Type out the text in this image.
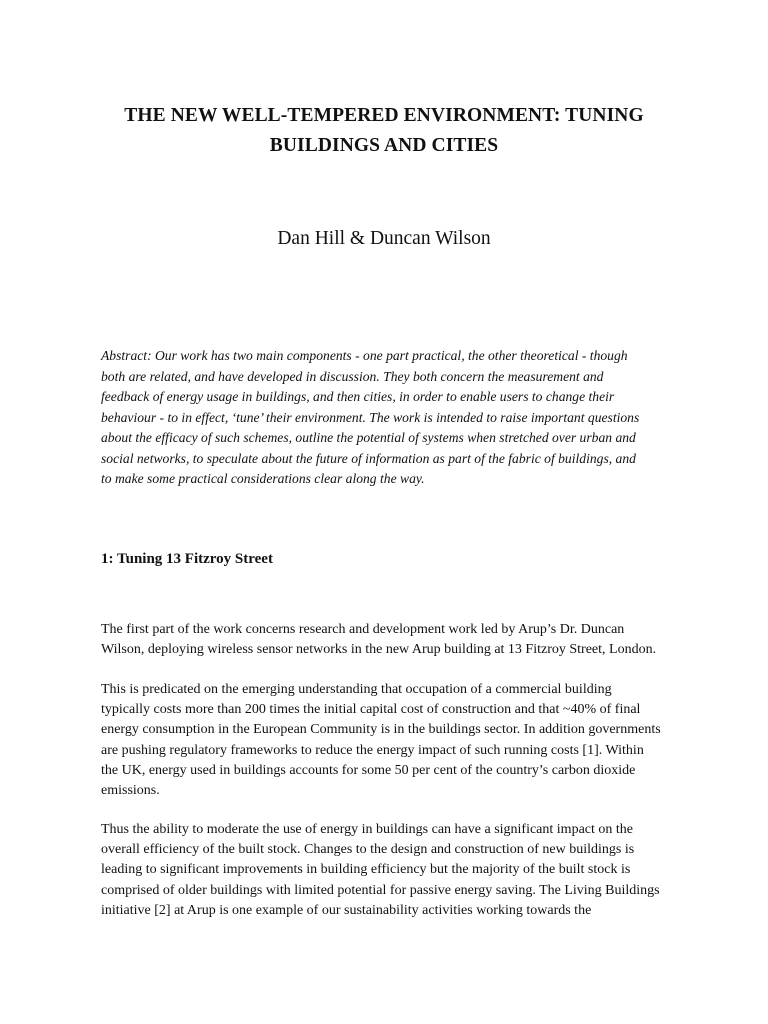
THE NEW WELL-TEMPERED ENVIRONMENT: TUNING
BUILDINGS AND CITIES
Dan Hill & Duncan Wilson
Abstract: Our work has two main components - one part practical, the other theoretical - though
both are related, and have developed in discussion. They both concern the measurement and
feedback of energy usage in buildings, and then cities, in order to enable users to change their
behaviour - to in effect, ‘tune’ their environment. The work is intended to raise important questions
about the efficacy of such schemes, outline the potential of systems when stretched over urban and
social networks, to speculate about the future of information as part of the fabric of buildings, and
to make some practical considerations clear along the way.
1: Tuning 13 Fitzroy Street
The first part of the work concerns research and development work led by Arup’s Dr. Duncan
Wilson, deploying wireless sensor networks in the new Arup building at 13 Fitzroy Street, London.
This is predicated on the emerging understanding that occupation of a commercial building
typically costs more than 200 times the initial capital cost of construction and that ~40% of final
energy consumption in the European Community is in the buildings sector. In addition governments
are pushing regulatory frameworks to reduce the energy impact of such running costs [1]. Within
the UK, energy used in buildings accounts for some 50 per cent of the country’s carbon dioxide
emissions.
Thus the ability to moderate the use of energy in buildings can have a significant impact on the
overall efficiency of the built stock. Changes to the design and construction of new buildings is
leading to significant improvements in building efficiency but the majority of the built stock is
comprised of older buildings with limited potential for passive energy saving. The Living Buildings
initiative [2] at Arup is one example of our sustainability activities working towards the
